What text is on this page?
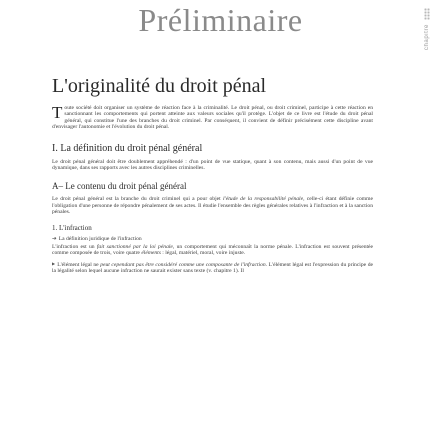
Préliminaire	chapitre
L'originalité du droit pénal

Toute société doit organiser un système de réaction face à la criminalité. Le droit pénal, ou droit criminel, participe à cette réaction en sanctionnant les comportements qui portent atteinte aux valeurs sociales qu'il protège. L'objet de ce livre est l'étude du droit pénal général, qui constitue l'une des branches du droit criminel. Par conséquent, il convient de définir précisément cette discipline avant d'envisager l'autonomie et l'évolution du droit pénal.

I. La définition du droit pénal général

Le droit pénal général doit être doublement appréhendé : d'un point de vue statique, quant à son contenu, mais aussi d'un point de vue dynamique, dans ses rapports avec les autres disciplines criminelles.

A– Le contenu du droit pénal général

Le droit pénal général est la branche du droit criminel qui a pour objet l'étude de la responsabilité pénale, celle-ci étant définie comme l'obligation d'une personne de répondre pénalement de ses actes. Il étudie l'ensemble des règles générales relatives à l'infraction et à la sanction pénales.

1. L'infraction

➔ La définition juridique de l'infraction

L'infraction est un fait sanctionné par la loi pénale, un comportement qui méconnaît la norme pénale. L'infraction est souvent présentée comme composée de trois, voire quatre éléments : légal, matériel, moral, voire injuste.

▶ L'élément légal ne peut cependant pas être considéré comme une composante de l'infraction. L'élément légal est l'expression du principe de la légalité selon lequel aucune infraction ne saurait exister sans texte (v. chapitre 1). Il
